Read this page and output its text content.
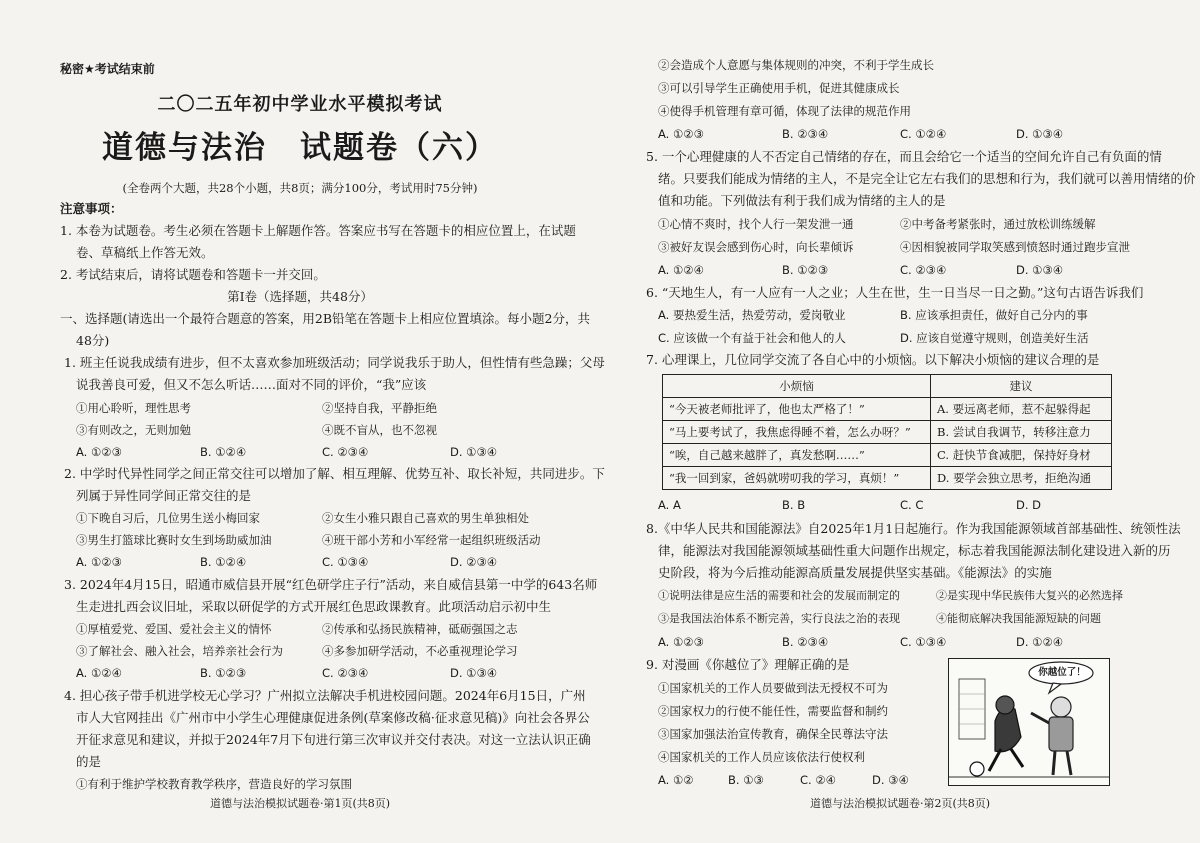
秘密★考试结束前
二〇二五年初中学业水平模拟考试
道德与法治　试题卷（六）
(全卷两个大题，共28个小题，共8页；满分100分，考试用时75分钟)
注意事项：
1. 本卷为试题卷。考生必须在答题卡上解题作答。答案应书写在答题卡的相应位置上，在试题
卷、草稿纸上作答无效。
2. 考试结束后，请将试题卷和答题卡一并交回。
第Ⅰ卷（选择题，共48分）
一、选择题(请选出一个最符合题意的答案，用2B铅笔在答题卡上相应位置填涂。每小题2分，共
48分)
1. 班主任说我成绩有进步，但不太喜欢参加班级活动；同学说我乐于助人，但性情有些急躁；父母
说我善良可爱，但又不怎么听话……面对不同的评价，“我”应该
①用心聆听，理性思考	②坚持自我，平静拒绝
③有则改之，无则加勉	④既不盲从，也不忽视
A. ①②③	B. ①②④	C. ②③④	D. ①③④
2. 中学时代异性同学之间正常交往可以增加了解、相互理解、优势互补、取长补短，共同进步。下
列属于异性同学间正常交往的是
①下晚自习后，几位男生送小梅回家	②女生小雅只跟自己喜欢的男生单独相处
③男生打篮球比赛时女生到场助威加油	④班干部小芳和小军经常一起组织班级活动
A. ①②③	B. ①②④	C. ①③④	D. ②③④
3. 2024年4月15日，昭通市威信县开展“红色研学庄子行”活动，来自威信县第一中学的643名师
生走进扎西会议旧址，采取以研促学的方式开展红色思政课教育。此项活动启示初中生
①厚植爱党、爱国、爱社会主义的情怀	②传承和弘扬民族精神，砥砺强国之志
③了解社会、融入社会，培养亲社会行为	④多参加研学活动，不必重视理论学习
A. ①②④	B. ①②③	C. ②③④	D. ①③④
4. 担心孩子带手机进学校无心学习？广州拟立法解决手机进校园问题。2024年6月15日，广州
市人大官网挂出《广州市中小学生心理健康促进条例(草案修改稿·征求意见稿)》向社会各界公
开征求意见和建议，并拟于2024年7月下旬进行第三次审议并交付表决。对这一立法认识正确
的是
①有利于维护学校教育教学秩序，营造良好的学习氛围
道德与法治模拟试题卷·第1页(共8页)
②会造成个人意愿与集体规则的冲突，不利于学生成长
③可以引导学生正确使用手机，促进其健康成长
④使得手机管理有章可循，体现了法律的规范作用
A. ①②③	B. ②③④	C. ①②④	D. ①③④
5. 一个心理健康的人不否定自己情绪的存在，而且会给它一个适当的空间允许自己有负面的情
绪。只要我们能成为情绪的主人，不是完全让它左右我们的思想和行为，我们就可以善用情绪的价
值和功能。下列做法有利于我们成为情绪的主人的是
①心情不爽时，找个人行一架发泄一通	②中考备考紧张时，通过放松训练缓解
③被好友误会感到伤心时，向长辈倾诉	④因相貌被同学取笑感到愤怒时通过跑步宣泄
A. ①②④	B. ①②③	C. ②③④	D. ①③④
6. “天地生人，有一人应有一人之业；人生在世，生一日当尽一日之勤。”这句古语告诉我们
A. 要热爱生活，热爱劳动，爱岗敬业	B. 应该承担责任，做好自己分内的事
C. 应该做一个有益于社会和他人的人	D. 应该自觉遵守规则，创造美好生活
7. 心理课上，几位同学交流了各自心中的小烦恼。以下解决小烦恼的建议合理的是
小烦恼	建议
“今天被老师批评了，他也太严格了！”	A. 要远离老师，惹不起躲得起
“马上要考试了，我焦虑得睡不着，怎么办呀？”	B. 尝试自我调节，转移注意力
“唉，自己越来越胖了，真发愁啊……”	C. 赶快节食减肥，保持好身材
“我一回到家，爸妈就唠叨我的学习，真烦！”	D. 要学会独立思考，拒绝沟通
A. A	B. B	C. C	D. D
8.《中华人民共和国能源法》自2025年1月1日起施行。作为我国能源领域首部基础性、统领性法
律，能源法对我国能源领域基础性重大问题作出规定，标志着我国能源法制化建设进入新的历
史阶段，将为今后推动能源高质量发展提供坚实基础。《能源法》的实施
①说明法律是应生活的需要和社会的发展而制定的	②是实现中华民族伟大复兴的必然选择
③是我国法治体系不断完善，实行良法之治的表现	④能彻底解决我国能源短缺的问题
A. ①②③	B. ②③④	C. ①③④	D. ①②④
9. 对漫画《你越位了》理解正确的是
①国家机关的工作人员要做到法无授权不可为
②国家权力的行使不能任性，需要监督和制约
③国家加强法治宣传教育，确保全民尊法守法
④国家机关的工作人员应该依法行使权利
A. ①②	B. ①③	C. ②④	D. ③④
道德与法治模拟试题卷·第2页(共8页)
你越位了！
